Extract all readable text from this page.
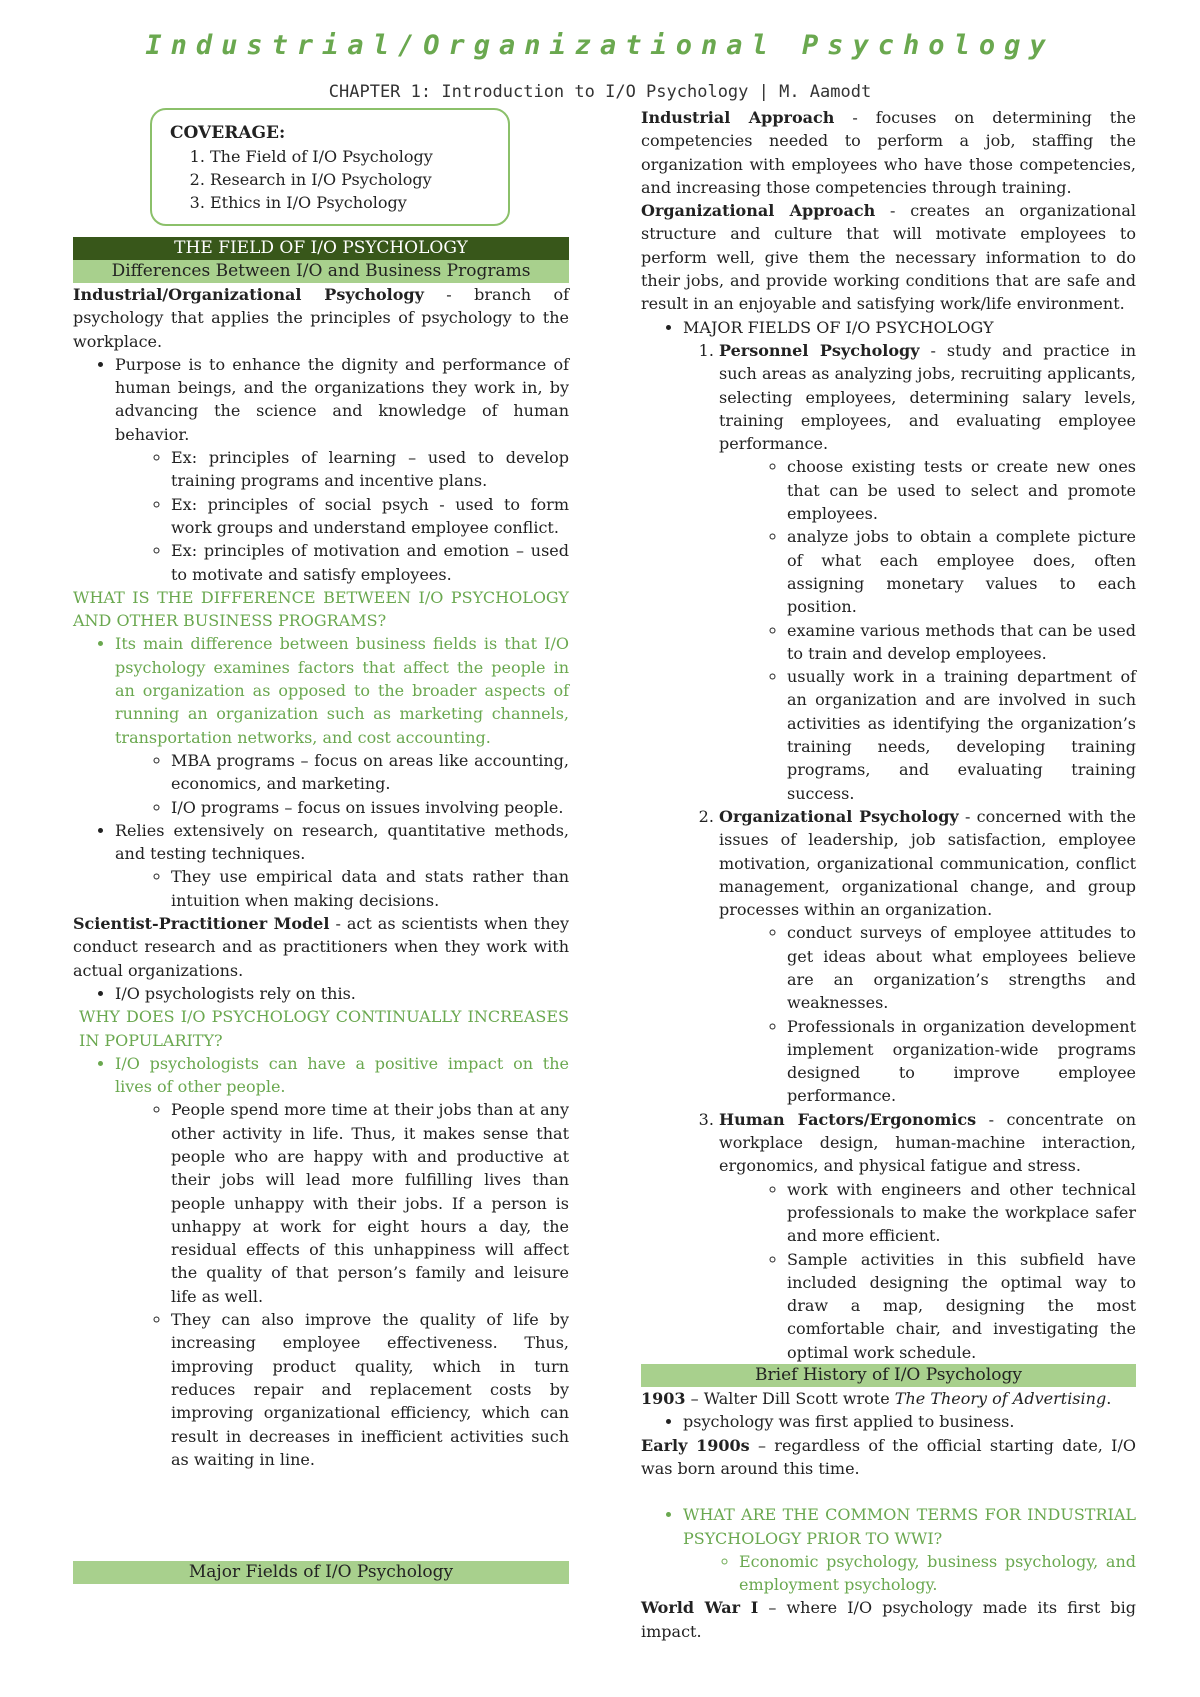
Industrial/Organizational Psychology
CHAPTER 1: Introduction to I/O Psychology | M. Aamodt
COVERAGE:
1. The Field of I/O Psychology
2. Research in I/O Psychology
3. Ethics in I/O Psychology
THE FIELD OF I/O PSYCHOLOGY
Differences Between I/O and Business Programs

Industrial/Organizational Psychology - branch of psychology that applies the principles of psychology to the workplace.

• Purpose is to enhance the dignity and performance of human beings, and the organizations they work in, by advancing the science and knowledge of human behavior.
◦ Ex: principles of learning – used to develop training programs and incentive plans.
◦ Ex: principles of social psych - used to form work groups and understand employee conflict.
◦ Ex: principles of motivation and emotion – used to motivate and satisfy employees.

WHAT IS THE DIFFERENCE BETWEEN I/O PSYCHOLOGY AND OTHER BUSINESS PROGRAMS?

• Its main difference between business fields is that I/O psychology examines factors that affect the people in an organization as opposed to the broader aspects of running an organization such as marketing channels, transportation networks, and cost accounting.
◦ MBA programs – focus on areas like accounting, economics, and marketing.
◦ I/O programs – focus on issues involving people.
• Relies extensively on research, quantitative methods, and testing techniques.
◦ They use empirical data and stats rather than intuition when making decisions.

Scientist-Practitioner Model - act as scientists when they conduct research and as practitioners when they work with actual organizations.

• I/O psychologists rely on this.

WHY DOES I/O PSYCHOLOGY CONTINUALLY INCREASES IN POPULARITY?

• I/O psychologists can have a positive impact on the lives of other people.
◦ People spend more time at their jobs than at any other activity in life. Thus, it makes sense that people who are happy with and productive at their jobs will lead more fulfilling lives than people unhappy with their jobs. If a person is unhappy at work for eight hours a day, the residual effects of this unhappiness will affect the quality of that person’s family and leisure life as well.
◦ They can also improve the quality of life by increasing employee effectiveness. Thus, improving product quality, which in turn reduces repair and replacement costs by improving organizational efficiency, which can result in decreases in inefficient activities such as waiting in line.
Major Fields of I/O Psychology

Industrial Approach - focuses on determining the competencies needed to perform a job, staffing the organization with employees who have those competencies, and increasing those competencies through training.

Organizational Approach - creates an organizational structure and culture that will motivate employees to perform well, give them the necessary information to do their jobs, and provide working conditions that are safe and result in an enjoyable and satisfying work/life environment.

• MAJOR FIELDS OF I/O PSYCHOLOGY
1. Personnel Psychology - study and practice in such areas as analyzing jobs, recruiting applicants, selecting employees, determining salary levels, training employees, and evaluating employee performance.
◦ choose existing tests or create new ones that can be used to select and promote employees.
◦ analyze jobs to obtain a complete picture of what each employee does, often assigning monetary values to each position.
◦ examine various methods that can be used to train and develop employees.
◦ usually work in a training department of an organization and are involved in such activities as identifying the organization’s training needs, developing training programs, and evaluating training success.
2. Organizational Psychology - concerned with the issues of leadership, job satisfaction, employee motivation, organizational communication, conflict management, organizational change, and group processes within an organization.
◦ conduct surveys of employee attitudes to get ideas about what employees believe are an organization’s strengths and weaknesses.
◦ Professionals in organization development implement organization-wide programs designed to improve employee performance.
3. Human Factors/Ergonomics - concentrate on workplace design, human-machine interaction, ergonomics, and physical fatigue and stress.
◦ work with engineers and other technical professionals to make the workplace safer and more efficient.
◦ Sample activities in this subfield have included designing the optimal way to draw a map, designing the most comfortable chair, and investigating the optimal work schedule.
Brief History of I/O Psychology

1903 – Walter Dill Scott wrote The Theory of Advertising.

• psychology was first applied to business.

Early 1900s – regardless of the official starting date, I/O was born around this time.

• WHAT ARE THE COMMON TERMS FOR INDUSTRIAL PSYCHOLOGY PRIOR TO WWI?
◦ Economic psychology, business psychology, and employment psychology.

World War I – where I/O psychology made its first big impact.
